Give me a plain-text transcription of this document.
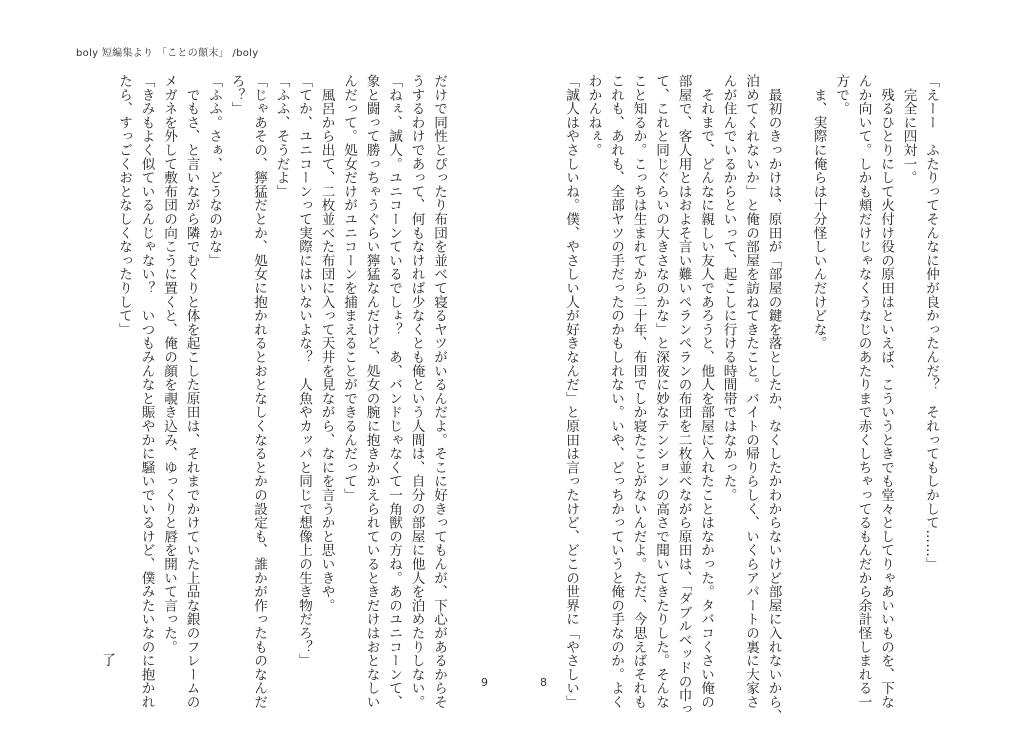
boly 短編集より 「ことの顛末」 /boly

「えーー　ふたりってそんなに仲が良かったんだ？　それってもしかして……」

　完全に四対一。

　残るひとりにして火付け役の原田はといえば、こういうときでも堂々としてりゃあいいものを、下な

んか向いて。しかも頬だけじゃなくうなじのあたりまで赤くしちゃってるもんだから余計怪しまれる一

方で。

　ま、実際に俺らは十分怪しいんだけどな。

　最初のきっかけは、原田が「部屋の鍵を落としたか、なくしたかわからないけど部屋に入れないから、

泊めてくれないか」と俺の部屋を訪ねてきたこと。バイトの帰りらしく、いくらアパートの裏に大家さ

んが住んでいるからといって、起こしに行ける時間帯ではなかった。

　それまで、どんなに親しい友人であろうと、他人を部屋に入れたことはなかった。タバコくさい俺の

部屋で、客人用とはおよそ言い難いペランペランの布団を二枚並べながら原田は、「ダブルベッドの巾っ

て、これと同じぐらいの大きさなのかな」と深夜に妙なテンションの高さで聞いてきたりした。そんな

こと知るか。こっちは生まれてから二十年、布団でしか寝たことがないんだよ。ただ、今思えばそれも

これも、あれも、全部ヤツの手だったのかもしれない。いや、どっちかっていうと俺の手なのか。よく

わかんねぇ。

「誠人はやさしいね。僕、やさしい人が好きなんだ」と原田は言ったけど、どこの世界に「やさしい」

だけで同性とぴったり布団を並べて寝るヤツがいるんだよ。そこに好きってもんが、下心があるからそ

うするわけであって、何もなければ少なくとも俺という人間は、自分の部屋に他人を泊めたりしない。

「ねぇ、誠人。ユニコーンているでしょ？　あ、バンドじゃなくて一角獣の方ね。あのユニコーンて、

象と闘って勝っちゃうぐらい獰猛なんだけど、処女の腕に抱きかかえられているときだけはおとなしい

んだって。処女だけがユニコーンを捕まえることができるんだって」

　風呂から出て、二枚並べた布団に入って天井を見ながら、なにを言うかと思いきや。

「てか、ユニコーンって実際にはいないよな？　人魚やカッパと同じで想像上の生き物だろ？」

「ふふ、そうだよ」

「じゃあその、獰猛だとか、処女に抱かれるとおとなしくなるとかの設定も、誰かが作ったものなんだ

ろ？」

「ふふ。さぁ、どうなのかな」

　でもさ、と言いながら隣でむくりと体を起こした原田は、それまでかけていた上品な銀のフレームの

メガネを外して敷布団の向こうに置くと、俺の顔を覗き込み、ゆっくりと唇を開いて言った。

「きみもよく似ているんじゃない？　いつもみんなと賑やかに騒いでいるけど、僕みたいなのに抱かれ

たら、すっごくおとなしくなったりして」

了
9	8
